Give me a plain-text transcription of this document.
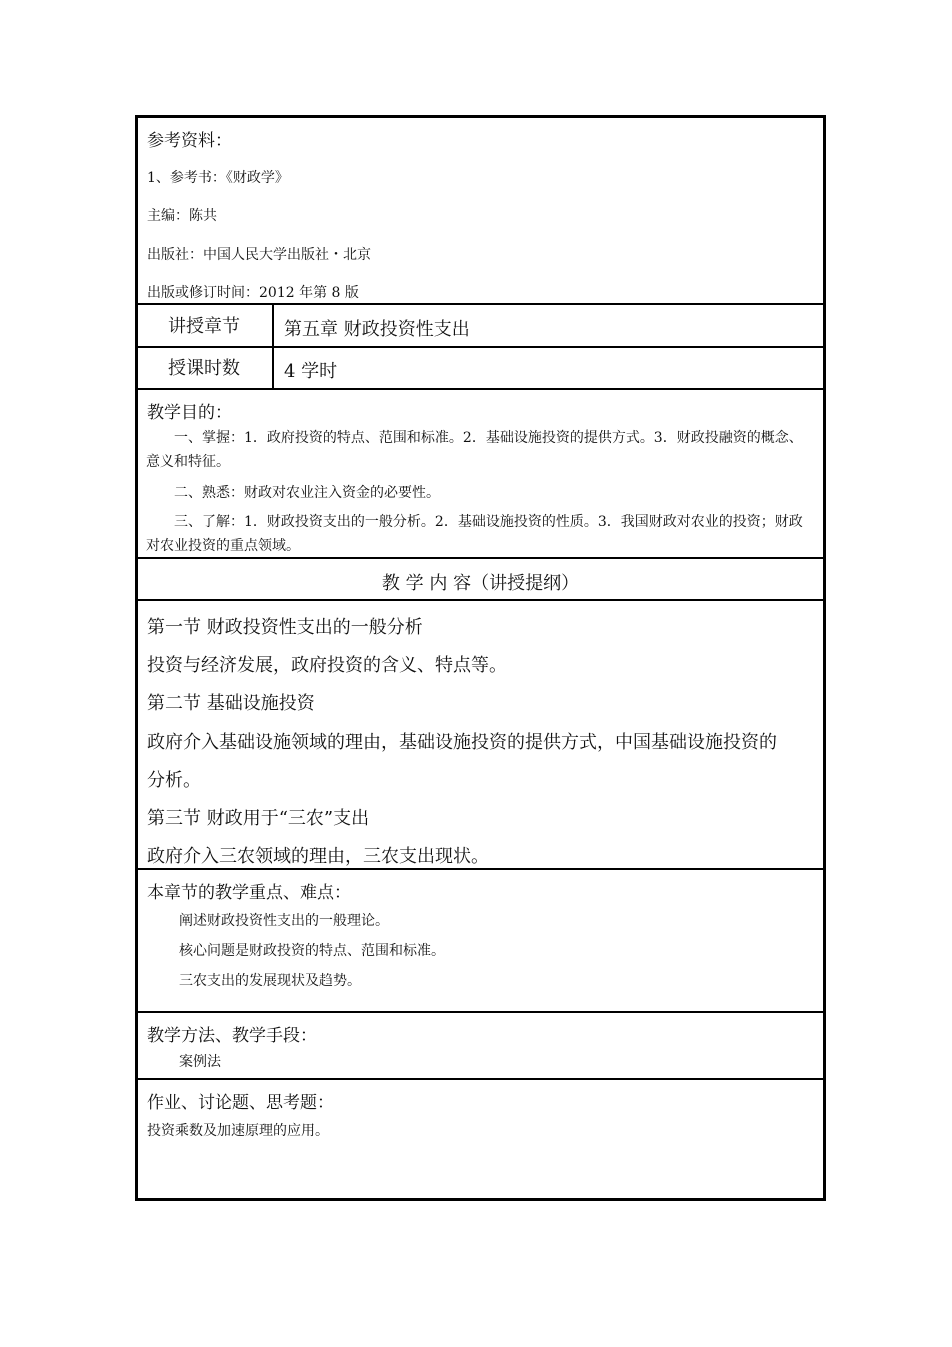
参考资料：
1、参考书：《财政学》
主编：陈共
出版社：中国人民大学出版社・北京
出版或修订时间：2012 年第 8 版
讲授章节 第五章 财政投资性支出
授课时数 4 学时
教学目的：
一、掌握：1．政府投资的特点、范围和标准。2．基础设施投资的提供方式。3．财政投融资的概念、意义和特征。
二、熟悉：财政对农业注入资金的必要性。
三、了解：1．财政投资支出的一般分析。2．基础设施投资的性质。3．我国财政对农业的投资；财政对农业投资的重点领域。
教 学 内 容（讲授提纲）
第一节 财政投资性支出的一般分析
投资与经济发展，政府投资的含义、特点等。
第二节 基础设施投资
政府介入基础设施领域的理由，基础设施投资的提供方式，中国基础设施投资的
分析。
第三节 财政用于“三农”支出
政府介入三农领域的理由，三农支出现状。
本章节的教学重点、难点：
阐述财政投资性支出的一般理论。
核心问题是财政投资的特点、范围和标准。
三农支出的发展现状及趋势。
教学方法、教学手段：
案例法
作业、讨论题、思考题：
投资乘数及加速原理的应用。
